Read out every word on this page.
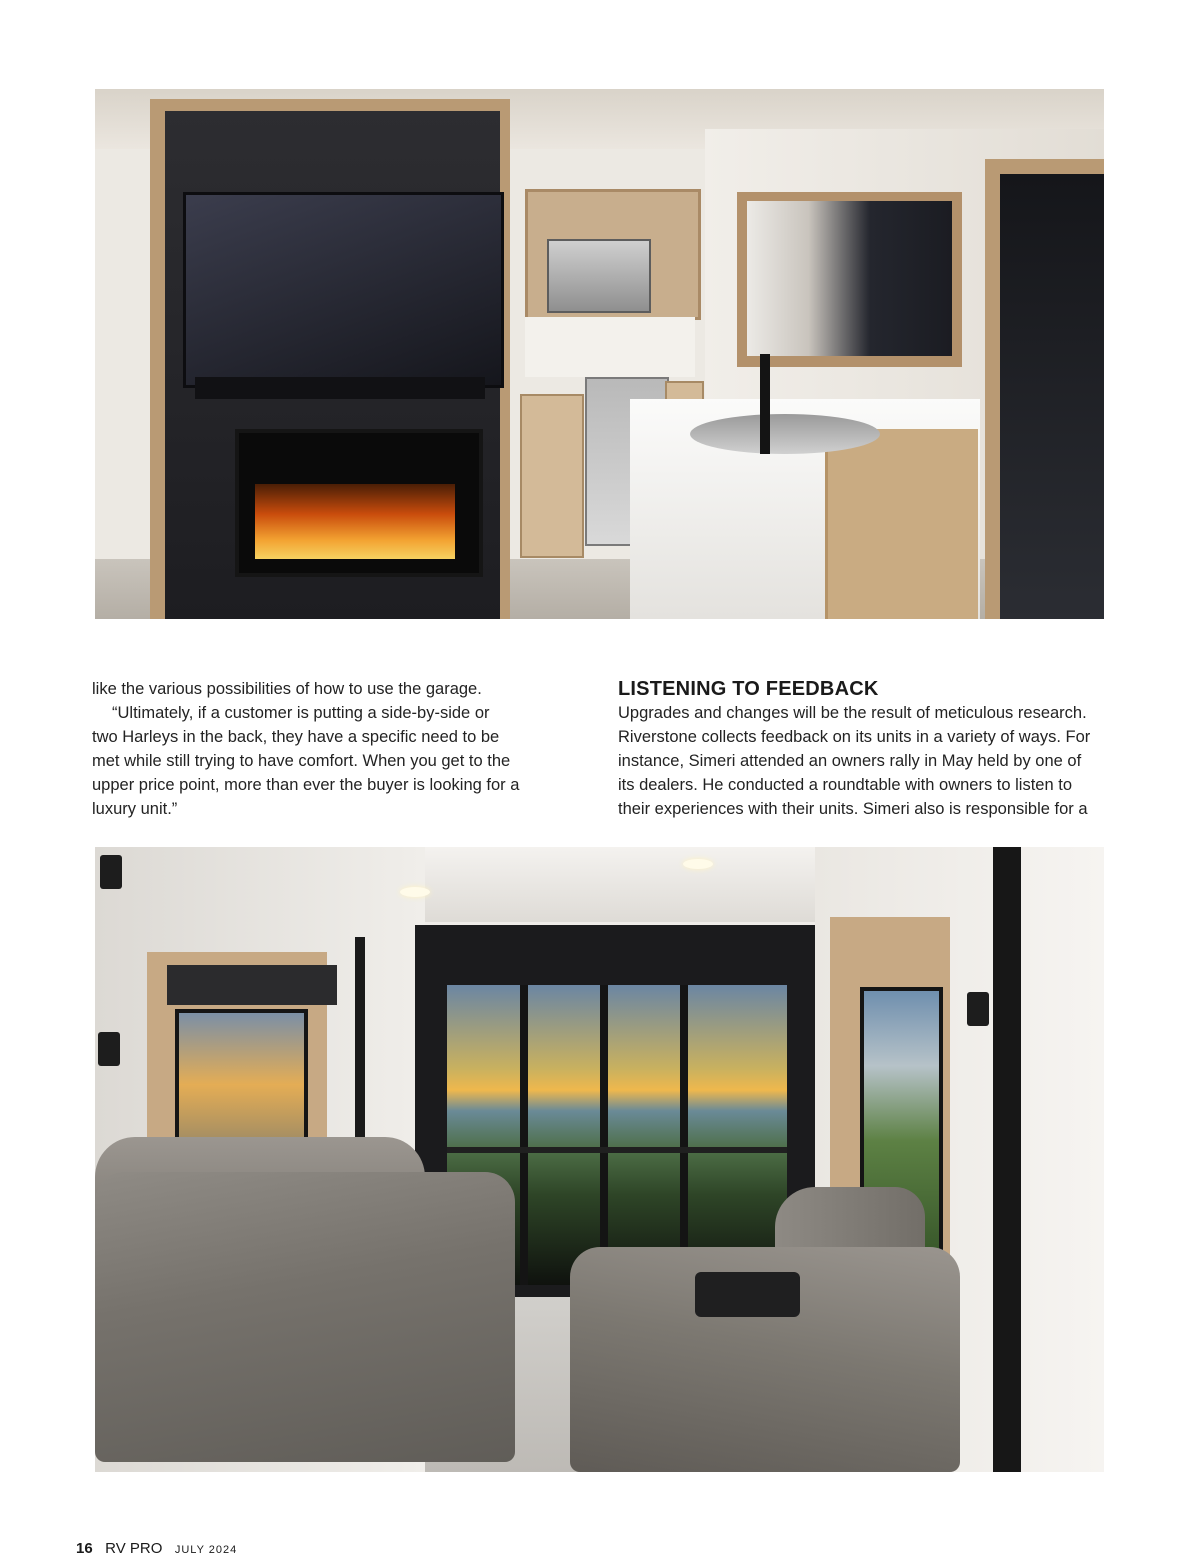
like the various possibilities of how to use the garage.

“Ultimately, if a customer is putting a side-by-side or

two Harleys in the back, they have a specific need to be

met while still trying to have comfort. When you get to the

upper price point, more than ever the buyer is looking for a

luxury unit.”

LISTENING TO FEEDBACK

Upgrades and changes will be the result of meticulous research.

Riverstone collects feedback on its units in a variety of ways. For

instance, Simeri attended an owners rally in May held by one of

its dealers. He conducted a roundtable with owners to listen to

their experiences with their units. Simeri also is responsible for a

16 RV PRO JULY 2024
